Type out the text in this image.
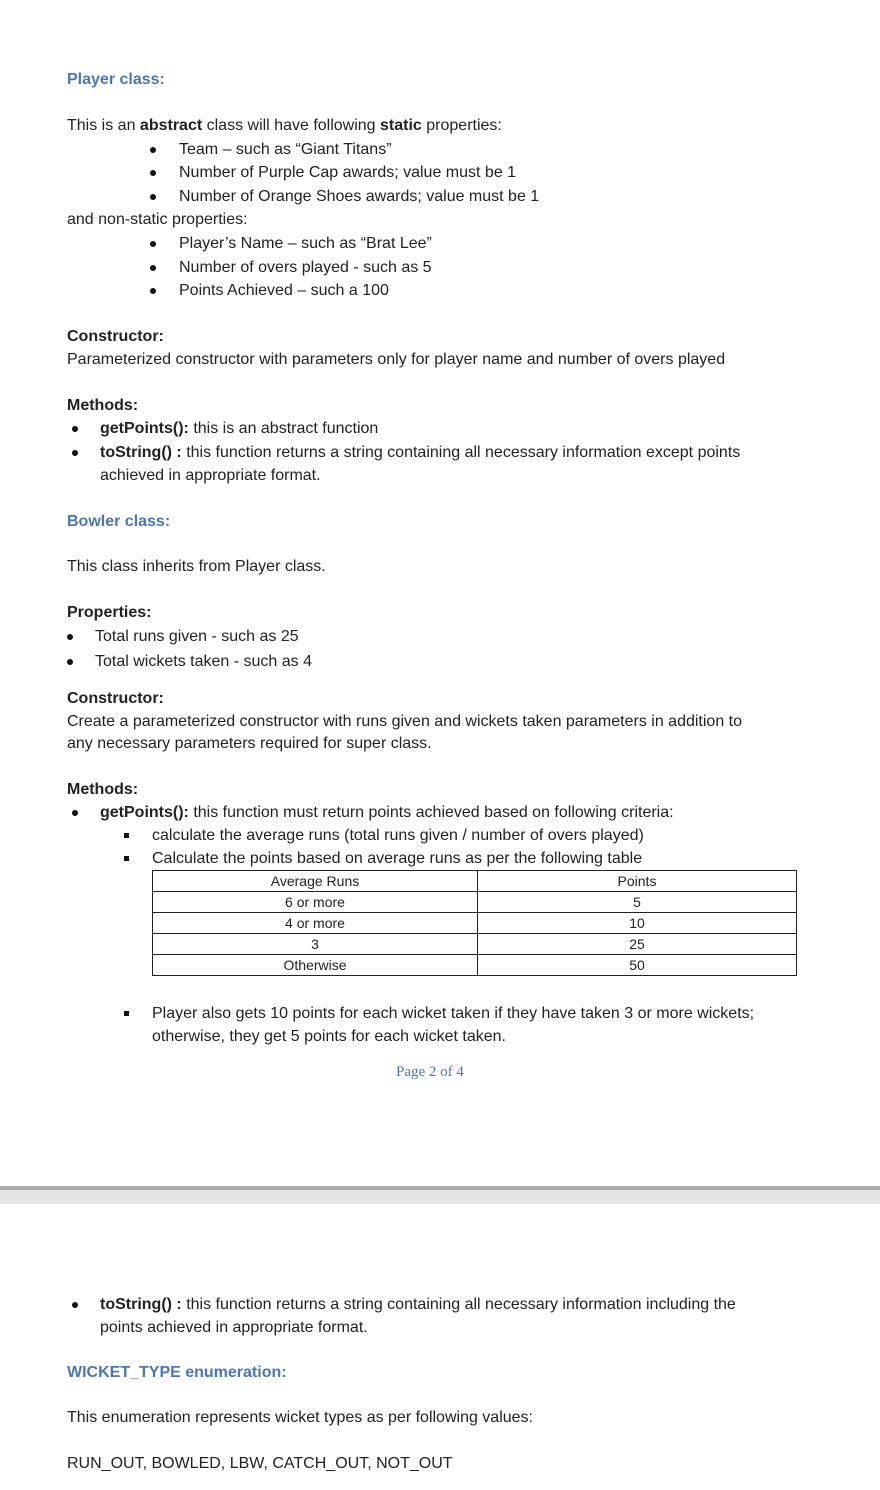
Player class:
This is an abstract class will have following static properties:
Team – such as “Giant Titans”
Number of Purple Cap awards; value must be 1
Number of Orange Shoes awards; value must be 1
and non-static properties:
Player’s Name – such as “Brat Lee”
Number of overs played - such as 5
Points Achieved – such a 100
Constructor:
Parameterized constructor with parameters only for player name and number of overs played
Methods:
getPoints(): this is an abstract function
toString() : this function returns a string containing all necessary information except points
achieved in appropriate format.
Bowler class:
This class inherits from Player class.
Properties:
Total runs given - such as 25
Total wickets taken - such as 4
Constructor:
Create a parameterized constructor with runs given and wickets taken parameters in addition to
any necessary parameters required for super class.
Methods:
getPoints(): this function must return points achieved based on following criteria:
calculate the average runs (total runs given / number of overs played)
Calculate the points based on average runs as per the following table
Average Runs	Points
6 or more	5
4 or more	10
3	25
Otherwise	50
Player also gets 10 points for each wicket taken if they have taken 3 or more wickets;
otherwise, they get 5 points for each wicket taken.
Page 2 of 4
toString() : this function returns a string containing all necessary information including the
points achieved in appropriate format.
WICKET_TYPE enumeration:
This enumeration represents wicket types as per following values:
RUN_OUT, BOWLED, LBW, CATCH_OUT, NOT_OUT
